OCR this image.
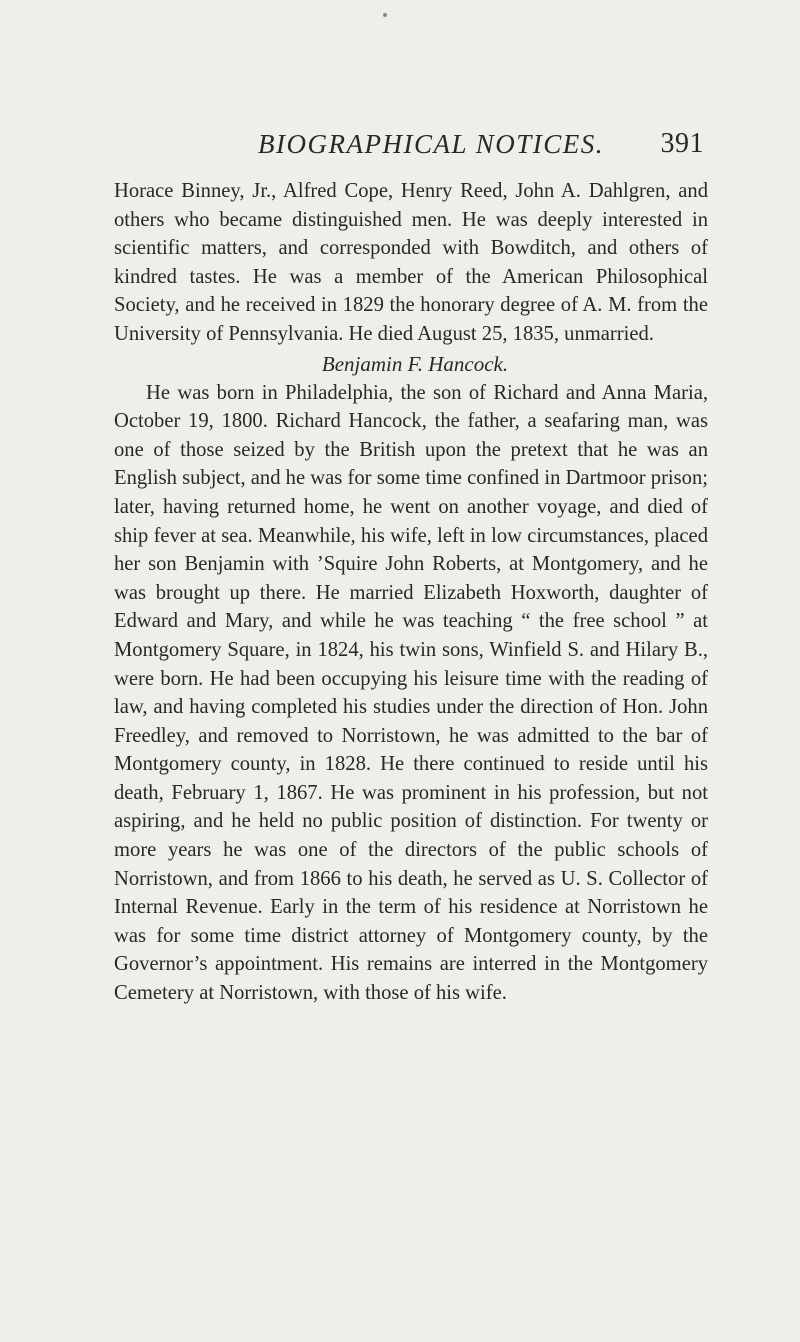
BIOGRAPHICAL NOTICES. 391

Horace Binney, Jr., Alfred Cope, Henry Reed, John A. Dahlgren, and others who became distinguished men. He was deeply interested in scientific matters, and corresponded with Bowditch, and others of kindred tastes. He was a member of the American Philosophical Society, and he received in 1829 the honorary degree of A. M. from the University of Pennsylvania. He died August 25, 1835, unmarried.

Benjamin F. Hancock.

He was born in Philadelphia, the son of Richard and Anna Maria, October 19, 1800. Richard Hancock, the father, a seafaring man, was one of those seized by the British upon the pretext that he was an English subject, and he was for some time confined in Dartmoor prison; later, having returned home, he went on another voyage, and died of ship fever at sea. Meanwhile, his wife, left in low circumstances, placed her son Benjamin with ’Squire John Roberts, at Montgomery, and he was brought up there. He married Elizabeth Hoxworth, daughter of Edward and Mary, and while he was teaching “ the free school ” at Montgomery Square, in 1824, his twin sons, Winfield S. and Hilary B., were born. He had been occupying his leisure time with the reading of law, and having completed his studies under the direction of Hon. John Freedley, and removed to Norristown, he was admitted to the bar of Montgomery county, in 1828. He there continued to reside until his death, February 1, 1867. He was prominent in his profession, but not aspiring, and he held no public position of distinction. For twenty or more years he was one of the directors of the public schools of Norristown, and from 1866 to his death, he served as U. S. Collector of Internal Revenue. Early in the term of his residence at Norristown he was for some time district attorney of Montgomery county, by the Governor’s appointment. His remains are interred in the Montgomery Cemetery at Norristown, with those of his wife.
